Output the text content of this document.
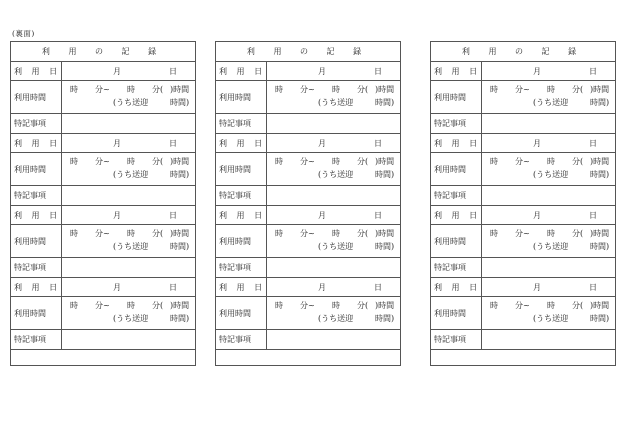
(裏面)
利 用 の 記 録
利 用 日	月	日
利用時間
時 分~ 時 分( )時間
(うち送迎	時間)
特記事項
利 用 日	月	日
利用時間
時 分~ 時 分( )時間
(うち送迎	時間)
特記事項
利 用 日	月	日
利用時間
時 分~ 時 分( )時間
(うち送迎	時間)
特記事項
利 用 日	月	日
利用時間
時 分~ 時 分( )時間
(うち送迎	時間)
特記事項
利 用 の 記 録
利 用 日	月	日
利用時間
時 分~ 時 分( )時間
(うち送迎	時間)
特記事項
利 用 日	月	日
利用時間
時 分~ 時 分( )時間
(うち送迎	時間)
特記事項
利 用 日	月	日
利用時間
時 分~ 時 分( )時間
(うち送迎	時間)
特記事項
利 用 日	月	日
利用時間
時 分~ 時 分( )時間
(うち送迎	時間)
特記事項
利 用 の 記 録
利 用 日	月	日
利用時間
時 分~ 時 分( )時間
(うち送迎	時間)
特記事項
利 用 日	月	日
利用時間
時 分~ 時 分( )時間
(うち送迎	時間)
特記事項
利 用 日	月	日
利用時間
時 分~ 時 分( )時間
(うち送迎	時間)
特記事項
利 用 日	月	日
利用時間
時 分~ 時 分( )時間
(うち送迎	時間)
特記事項
